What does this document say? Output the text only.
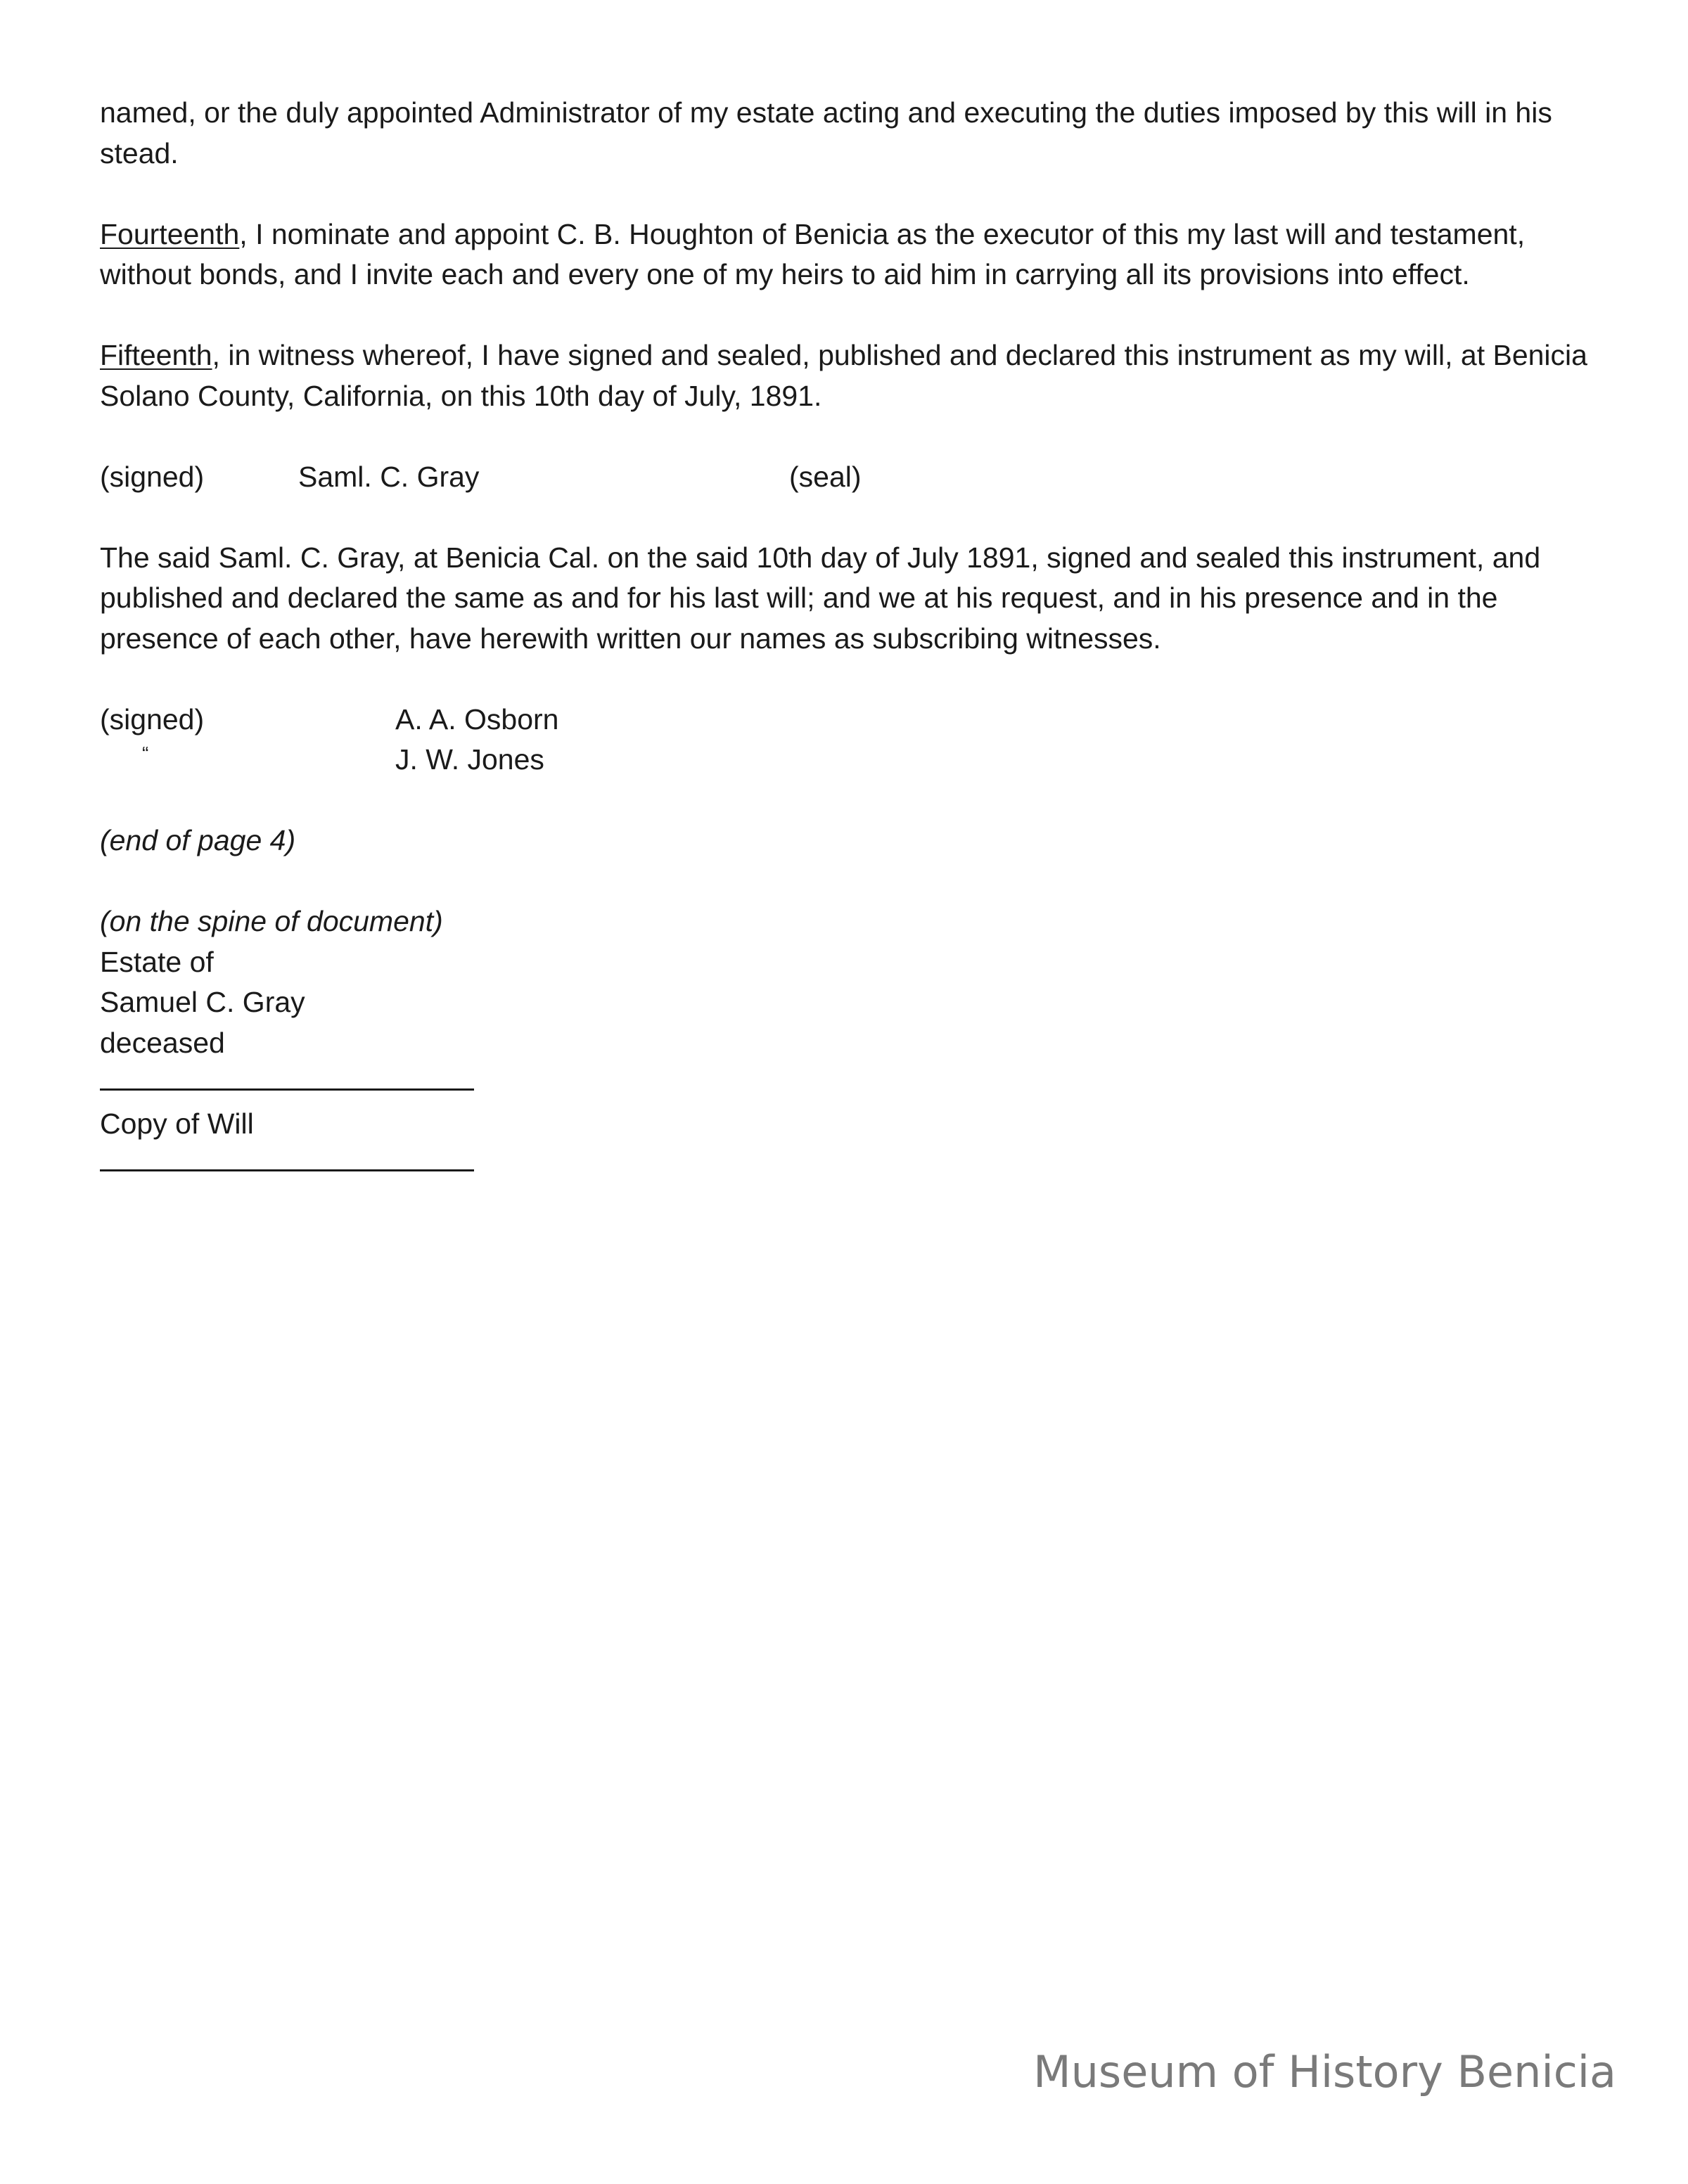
named, or the duly appointed Administrator of my estate acting and executing the duties imposed by this will in his stead.

Fourteenth, I nominate and appoint C. B. Houghton of Benicia as the executor of this my last will and testament, without bonds, and I invite each and every one of my heirs to aid him in carrying all its provisions into effect.

Fifteenth, in witness whereof, I have signed and sealed, published and declared this instrument as my will, at Benicia Solano County, California, on this 10th day of July, 1891.

(signed)	Saml. C. Gray	(seal)

The said Saml. C. Gray, at Benicia Cal. on the said 10th day of July 1891, signed and sealed this instrument, and published and declared the same as and for his last will; and we at his request, and in his presence and in the presence of each other, have herewith written our names as subscribing witnesses.

(signed)	A. A. Osborn
“	J. W. Jones
(end of page 4)
(on the spine of document)
Estate of
Samuel C. Gray
deceased
Copy of Will
Museum of History Benicia
